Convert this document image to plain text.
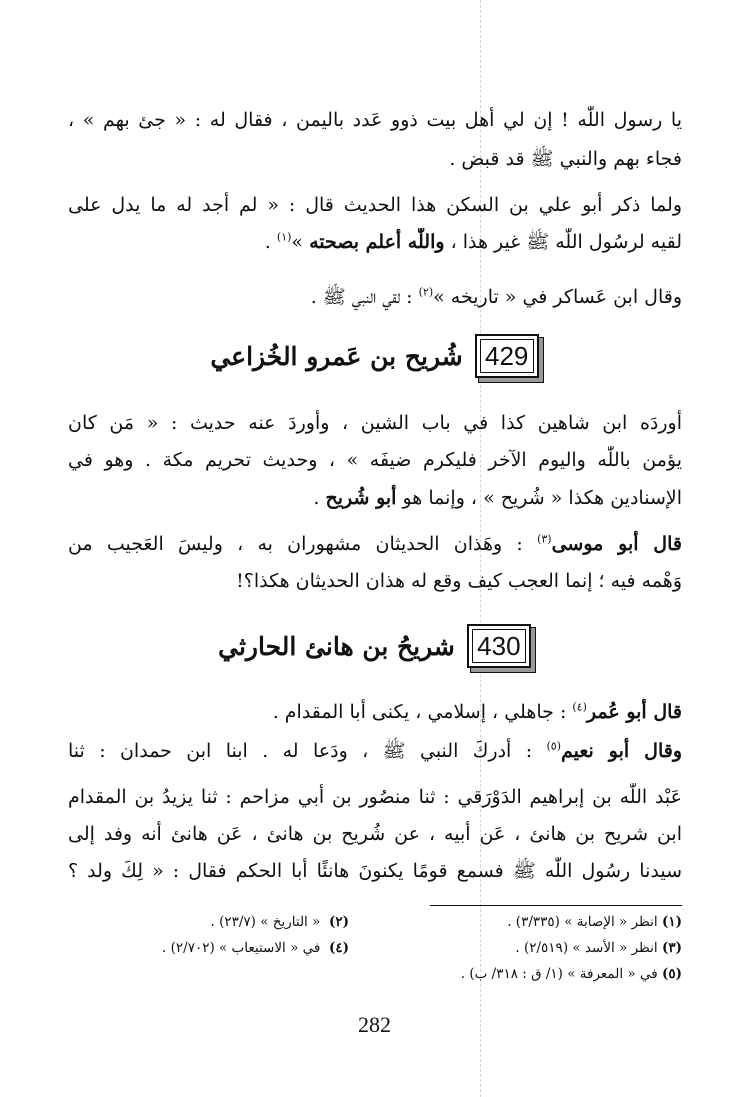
يا رسول اللّٰه ! إن لي أهل بيت ذوو عَدد باليمن ، فقال له : « جئ بهم » ،
فجاء بهم والنبي ﷺ قد قبض .
ولما ذكر أبو علي بن السكن هذا الحديث قال : « لم أجد له ما يدل على
لقيه لرسُول اللّٰه ﷺ غير هذا ، واللّٰه أعلم بصحته »$^{(١)}$ .
وقال ابن عَساكر في « تاريخه »$^{(٢)}$ : لقي النبي ﷺ .
429
شُريح بن عَمرو الخُزاعي
أوردَه ابن شاهين كذا في باب الشين ، وأوردَ عنه حديث : « مَن كان
يؤمن باللّٰه واليوم الآخر فليكرم ضيفَه » ، وحديث تحريم مكة . وهو في
الإسنادين هكذا « شُريح » ، وإنما هو أبو شُريح .
قال أبو موسى$^{(٣)}$ : وهَذان الحديثان مشهوران به ، وليسَ العَجيب من
وَهْمه فيه ؛ إنما العجب كيف وقع له هذان الحديثان هكذا؟!
430
شريحُ بن هانئ الحارثي
قال أبو عُمر$^{(٤)}$ : جاهلي ، إسلامي ، يكنى أبا المقدام .
وقال أبو نعيم$^{(٥)}$ : أدركَ النبي ﷺ ، ودَعا له . ابنا ابن حمدان : ثنا
عَبْد اللّٰه بن إبراهيم الدَوْرَقي : ثنا منصُور بن أبي مزاحم : ثنا يزيدُ بن المقدام
ابن شريح بن هانئ ، عَن أبيه ، عن شُريح بن هانئ ، عَن هانئ أنه وفد إلى
سيدنا رسُول اللّٰه ﷺ فسمع قومًا يكنونَ هانئًا أبا الحكم فقال : « لِكَ ولد ؟
(١) انظر « الإصابة » (٣/٣٣٥) .
(٢)  « التاريخ » (٢٣/٧) .
(٣) انظر « الأسد » (٢/٥١٩) .
(٤)  في « الاستيعاب » (٢/٧٠٢) .
(٥) في « المعرفة » (١/ ق : ٣١٨/ ب) .
282
